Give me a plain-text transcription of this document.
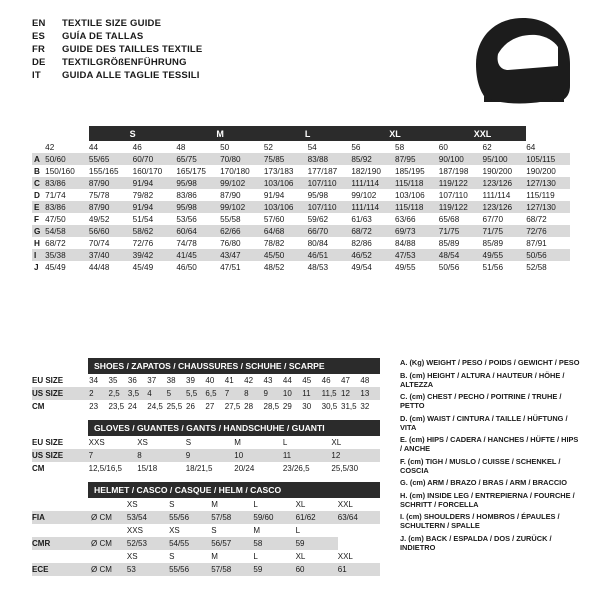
EN	TEXTILE SIZE GUIDE
ES	GUÍA DE TALLAS
FR	GUIDE DES TAILLES TEXTILE
DE	TEXTILGRÖßENFÜHRUNG
IT	GUIDA ALLE TAGLIE TESSILI
		S		M		L		XL		XXL		
	42	44	46	48	50	52	54	56	58	60	62	64
A	50/60	55/65	60/70	65/75	70/80	75/85	83/88	85/92	87/95	90/100	95/100	105/115
B	150/160	155/165	160/170	165/175	170/180	173/183	177/187	182/190	185/195	187/198	190/200	190/200
C	83/86	87/90	91/94	95/98	99/102	103/106	107/110	111/114	115/118	119/122	123/126	127/130
D	71/74	75/78	79/82	83/86	87/90	91/94	95/98	99/102	103/106	107/110	111/114	115/119
E	83/86	87/90	91/94	95/98	99/102	103/106	107/110	111/114	115/118	119/122	123/126	127/130
F	47/50	49/52	51/54	53/56	55/58	57/60	59/62	61/63	63/66	65/68	67/70	68/72
G	54/58	56/60	58/62	60/64	62/66	64/68	66/70	68/72	69/73	71/75	71/75	72/76
H	68/72	70/74	72/76	74/78	76/80	78/82	80/84	82/86	84/88	85/89	85/89	87/91
I	35/38	37/40	39/42	41/45	43/47	45/50	46/51	46/52	47/53	48/54	49/55	50/56
J	45/49	44/48	45/49	46/50	47/51	48/52	48/53	49/54	49/55	50/56	51/56	52/58
SHOES / ZAPATOS / CHAUSSURES / SCHUHE / SCARPE
EU SIZE	34	35	36	37	38	39	40	41	42	43	44	45	46	47	48
US SIZE	2	2,5	3,5	4	5	5,5	6,5	7	8	9	10	11	11,5	12	13
CM	23	23,5	24	24,5	25,5	26	27	27,5	28	28,5	29	30	30,5	31,5	32
GLOVES / GUANTES / GANTS / HANDSCHUHE / GUANTI
EU SIZE	XXS	XS	S	M	L	XL
US SIZE	7	8	9	10	11	12
CM	12,5/16,5	15/18	18/21,5	20/24	23/26,5	25,5/30
HELMET / CASCO / CASQUE / HELM / CASCO
		XS	S	M	L	XL	XXL
FIA	Ø CM	53/54	55/56	57/58	59/60	61/62	63/64
		XXS	XS	S	M	L	
CMR	Ø CM	52/53	54/55	56/57	58	59	
		XS	S	M	L	XL	XXL
ECE	Ø CM	53	55/56	57/58	59	60	61

A. (Kg) WEIGHT / PESO / POIDS / GEWICHT / PESO

B. (cm) HEIGHT / ALTURA / HAUTEUR / HÖHE / ALTEZZA

C. (cm) CHEST / PECHO / POITRINE / TRUHE / PETTO

D. (cm) WAIST / CINTURA / TAILLE / HÜFTUNG / VITA

E. (cm) HIPS / CADERA / HANCHES / HÜFTE / HIPS / ANCHE

F. (cm) TIGH / MUSLO / CUISSE / SCHENKEL / COSCIA

G. (cm) ARM / BRAZO / BRAS / ARM / BRACCIO

H. (cm) INSIDE LEG / ENTREPIERNA / FOURCHE / SCHRITT / FORCELLA

I. (cm) SHOULDERS / HOMBROS / ÉPAULES / SCHULTERN / SPALLE

J. (cm) BACK / ESPALDA / DOS / ZURÜCK / INDIETRO
